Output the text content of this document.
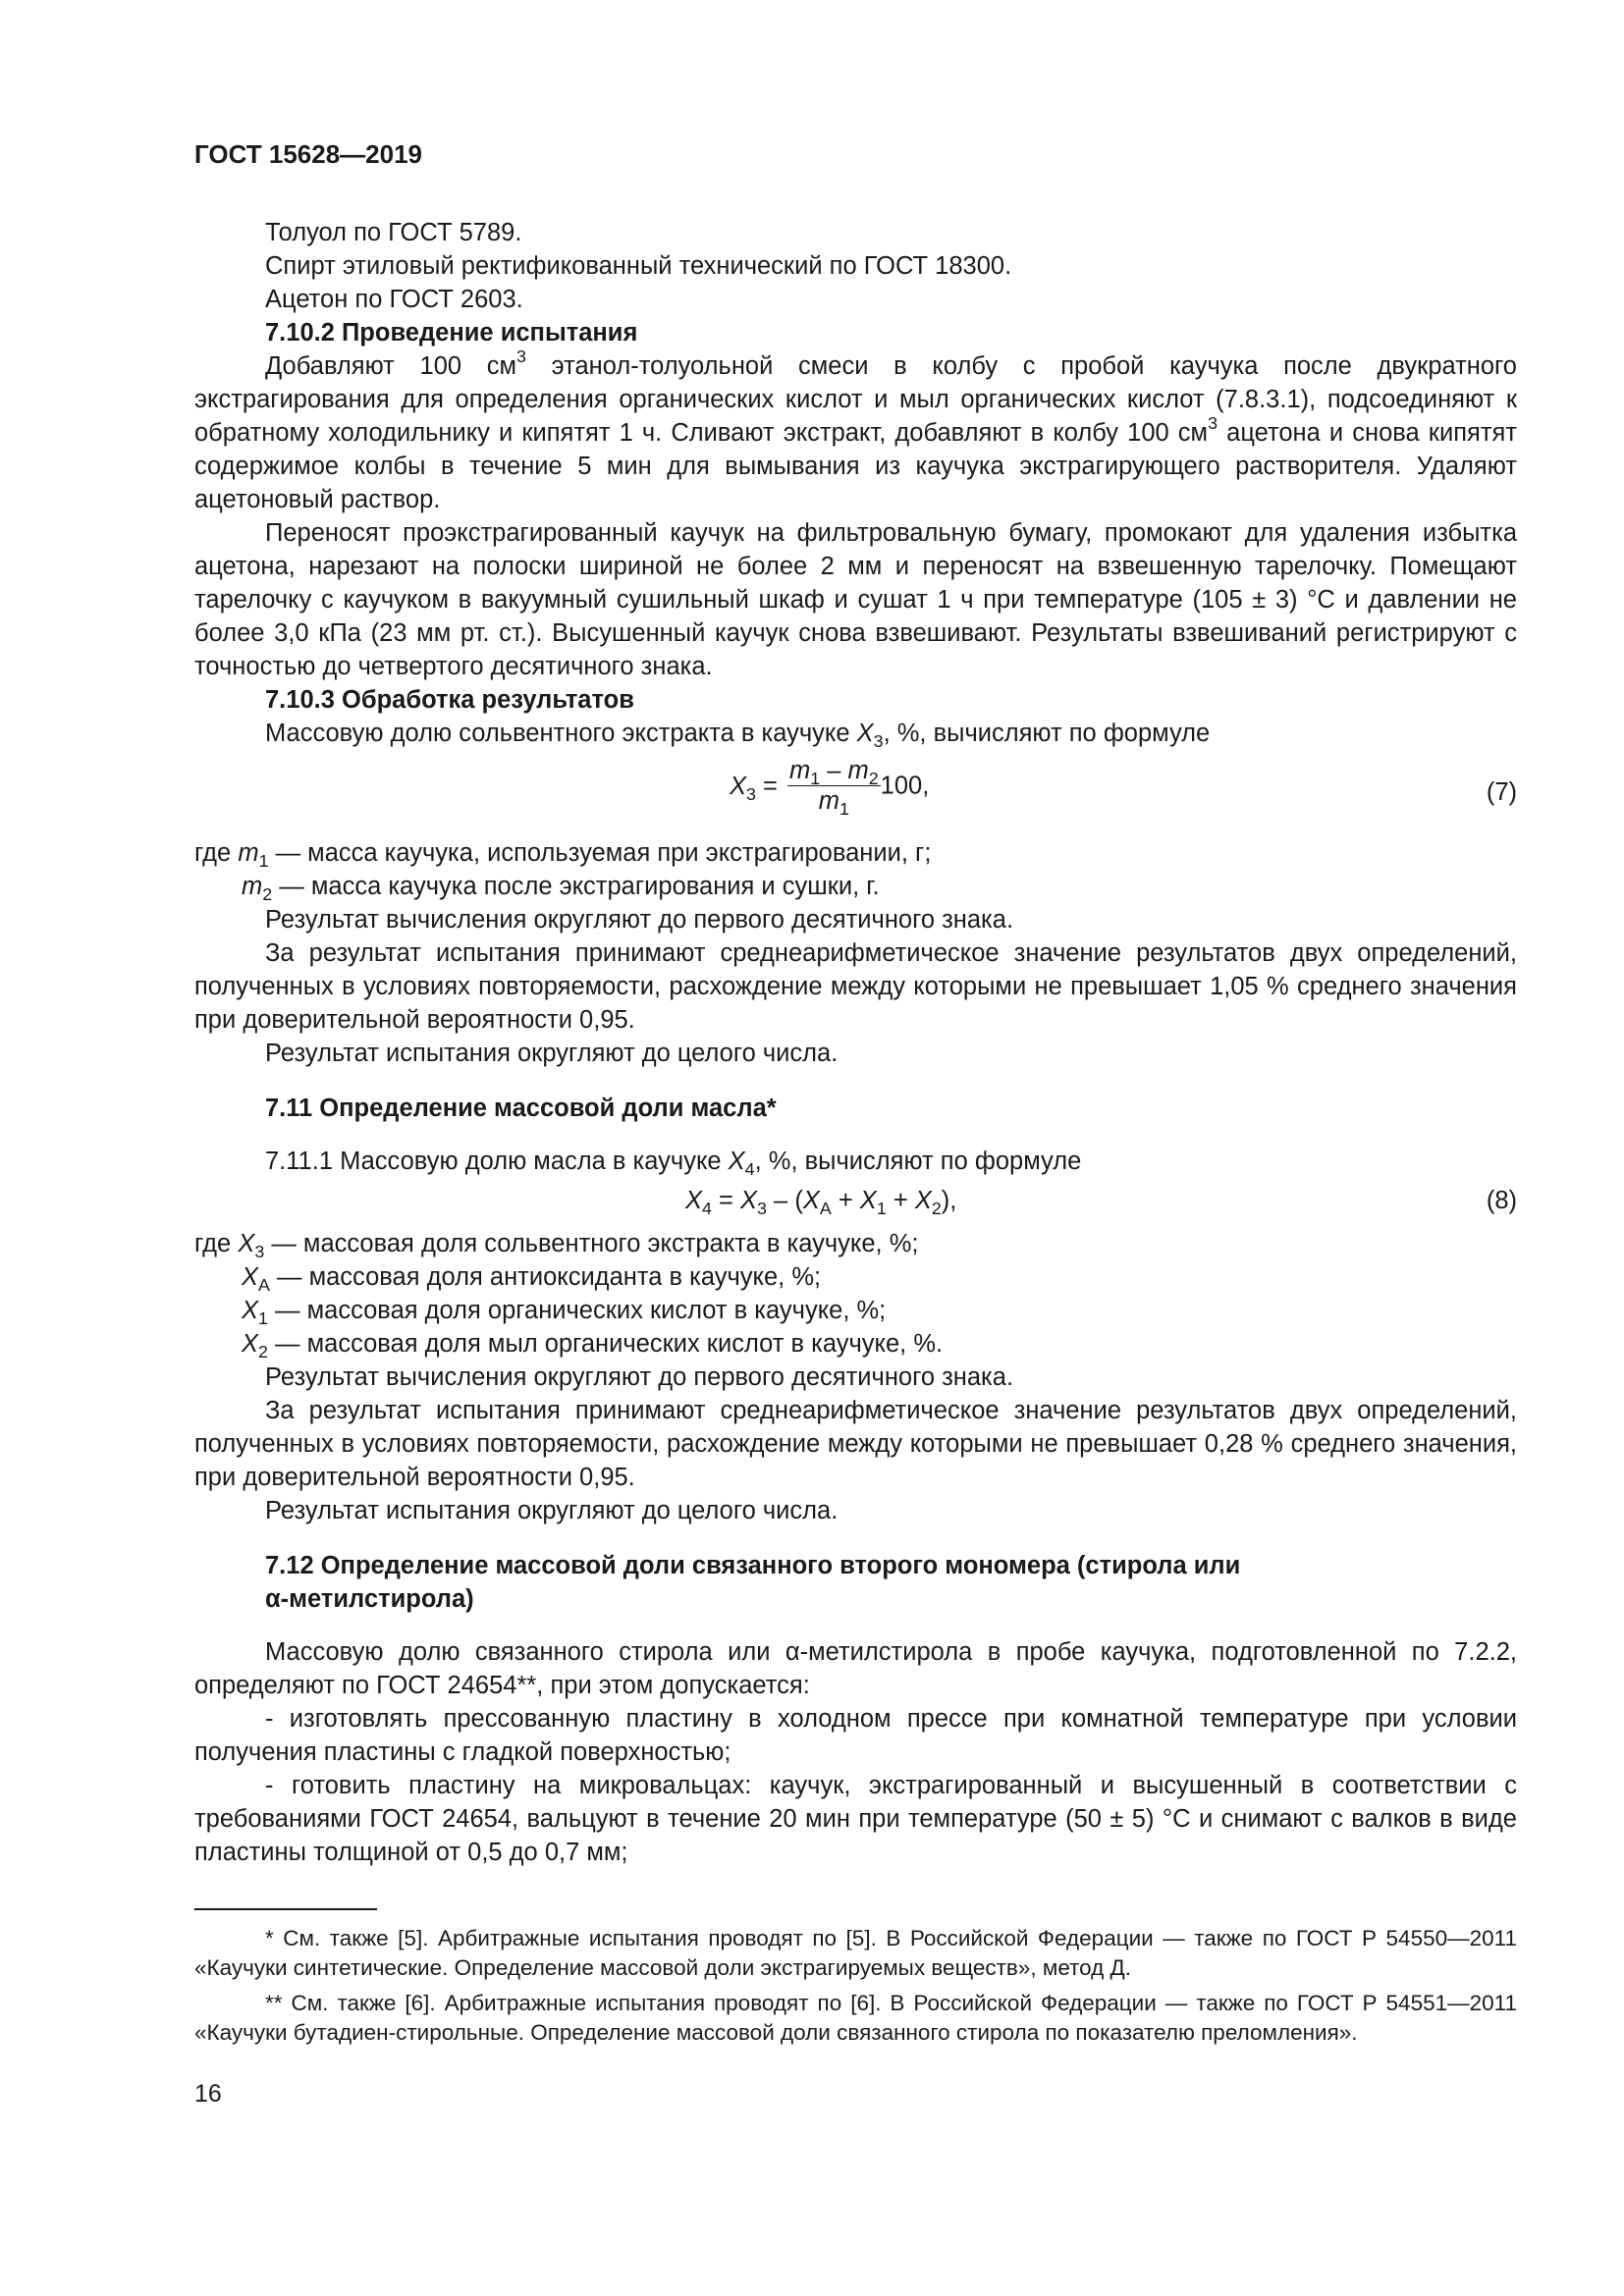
ГОСТ 15628—2019

Толуол по ГОСТ 5789.

Спирт этиловый ректификованный технический по ГОСТ 18300.

Ацетон по ГОСТ 2603.

7.10.2 Проведение испытания

Добавляют 100 $см^3$ этанол-толуольной смеси в колбу с пробой каучука после двукратного экстрагирования для определения органических кислот и мыл органических кислот (7.8.3.1), подсоединяют к обратному холодильнику и кипятят 1 ч. Сливают экстракт, добавляют в колбу 100 $см^3$ ацетона и снова кипятят содержимое колбы в течение 5 мин для вымывания из каучука экстрагирующего растворителя. Удаляют ацетоновый раствор.

Переносят проэкстрагированный каучук на фильтровальную бумагу, промокают для удаления избытка ацетона, нарезают на полоски шириной не более 2 мм и переносят на взвешенную тарелочку. Помещают тарелочку с каучуком в вакуумный сушильный шкаф и сушат 1 ч при температуре (105 ± 3) °С и давлении не более 3,0 кПа (23 мм рт. ст.). Высушенный каучук снова взвешивают. Результаты взвешиваний регистрируют с точностью до четвертого десятичного знака.

7.10.3 Обработка результатов

Массовую долю сольвентного экстракта в каучуке $X_3$, %, вычисляют по формуле

$X_3 = \frac{m_1 - m_2}{m_1} 100$,	(7)

где $m_1$ — масса каучука, используемая при экстрагировании, г;

$m_2$ — масса каучука после экстрагирования и сушки, г.

Результат вычисления округляют до первого десятичного знака.

За результат испытания принимают среднеарифметическое значение результатов двух определений, полученных в условиях повторяемости, расхождение между которыми не превышает 1,05 % среднего значения при доверительной вероятности 0,95.

Результат испытания округляют до целого числа.

7.11 Определение массовой доли масла*

7.11.1 Массовую долю масла в каучуке $X_4$, %, вычисляют по формуле

$X_4 = X_3 - (X_А + X_1 + X_2)$,	(8)

где $X_3$ — массовая доля сольвентного экстракта в каучуке, %;

$X_А$ — массовая доля антиоксиданта в каучуке, %;

$X_1$ — массовая доля органических кислот в каучуке, %;

$X_2$ — массовая доля мыл органических кислот в каучуке, %.

Результат вычисления округляют до первого десятичного знака.

За результат испытания принимают среднеарифметическое значение результатов двух определений, полученных в условиях повторяемости, расхождение между которыми не превышает 0,28 % среднего значения, при доверительной вероятности 0,95.

Результат испытания округляют до целого числа.

7.12 Определение массовой доли связанного второго мономера (стирола или

α-метилстирола)

Массовую долю связанного стирола или α-метилстирола в пробе каучука, подготовленной по 7.2.2, определяют по ГОСТ 24654**, при этом допускается:

- изготовлять прессованную пластину в холодном прессе при комнатной температуре при условии получения пластины с гладкой поверхностью;

- готовить пластину на микровальцах: каучук, экстрагированный и высушенный в соответствии с требованиями ГОСТ 24654, вальцуют в течение 20 мин при температуре (50 ± 5) °С и снимают с валков в виде пластины толщиной от 0,5 до 0,7 мм;

* См. также [5]. Арбитражные испытания проводят по [5]. В Российской Федерации — также по ГОСТ Р 54550—2011 «Каучуки синтетические. Определение массовой доли экстрагируемых веществ», метод Д.

** См. также [6]. Арбитражные испытания проводят по [6]. В Российской Федерации — также по ГОСТ Р 54551—2011 «Каучуки бутадиен-стирольные. Определение массовой доли связанного стирола по показателю преломления».

16
